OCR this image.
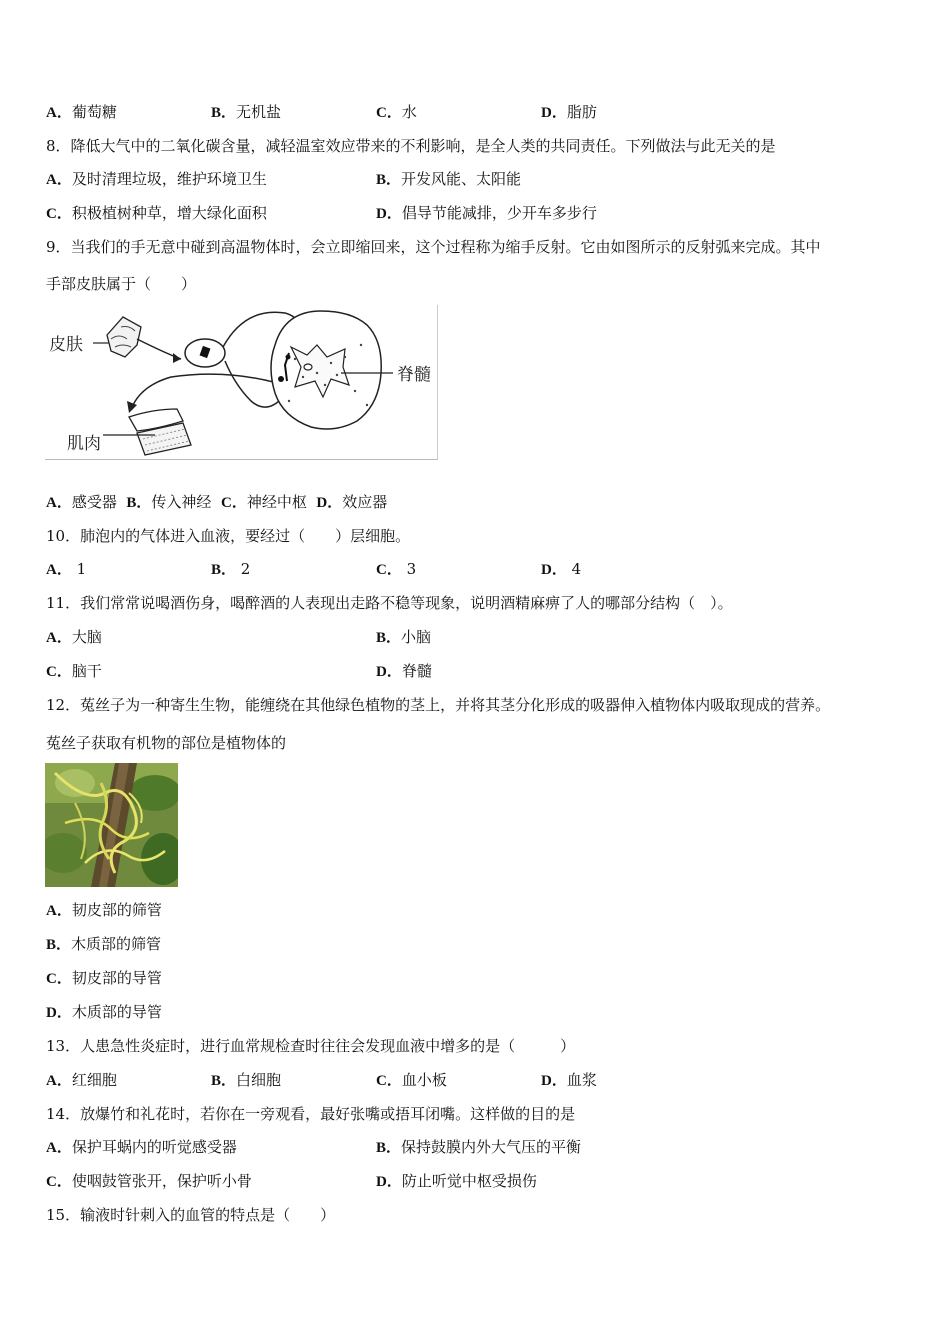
A．葡萄糖	B．无机盐	C．水	D．脂肪
8．降低大气中的二氧化碳含量，减轻温室效应带来的不利影响，是全人类的共同责任。下列做法与此无关的是
A．及时清理垃圾，维护环境卫生	B．开发风能、太阳能
C．积极植树种草，增大绿化面积	D．倡导节能减排，少开车多步行
9．当我们的手无意中碰到高温物体时，会立即缩回来，这个过程称为缩手反射。它由如图所示的反射弧来完成。其中
手部皮肤属于（　　）
皮肤
肌肉
脊髓
A．感受器 B．传入神经 C．神经中枢 D．效应器
10．肺泡内的气体进入血液，要经过（　　）层细胞。
A． 1	B． 2	C． 3	D． 4
11．我们常常说喝酒伤身，喝醉酒的人表现出走路不稳等现象，说明酒精麻痹了人的哪部分结构（　）。
A．大脑	B．小脑
C．脑干	D．脊髓
12．菟丝子为一种寄生生物，能缠绕在其他绿色植物的茎上，并将其茎分化形成的吸器伸入植物体内吸取现成的营养。
菟丝子获取有机物的部位是植物体的
A．韧皮部的筛管
B．木质部的筛管
C．韧皮部的导管
D．木质部的导管
13．人患急性炎症时，进行血常规检查时往往会发现血液中增多的是（　　　）
A．红细胞	B．白细胞	C．血小板	D．血浆
14．放爆竹和礼花时，若你在一旁观看，最好张嘴或捂耳闭嘴。这样做的目的是
A．保护耳蜗内的听觉感受器	B．保持鼓膜内外大气压的平衡
C．使咽鼓管张开，保护听小骨	D．防止听觉中枢受损伤
15．输液时针刺入的血管的特点是（　　）
